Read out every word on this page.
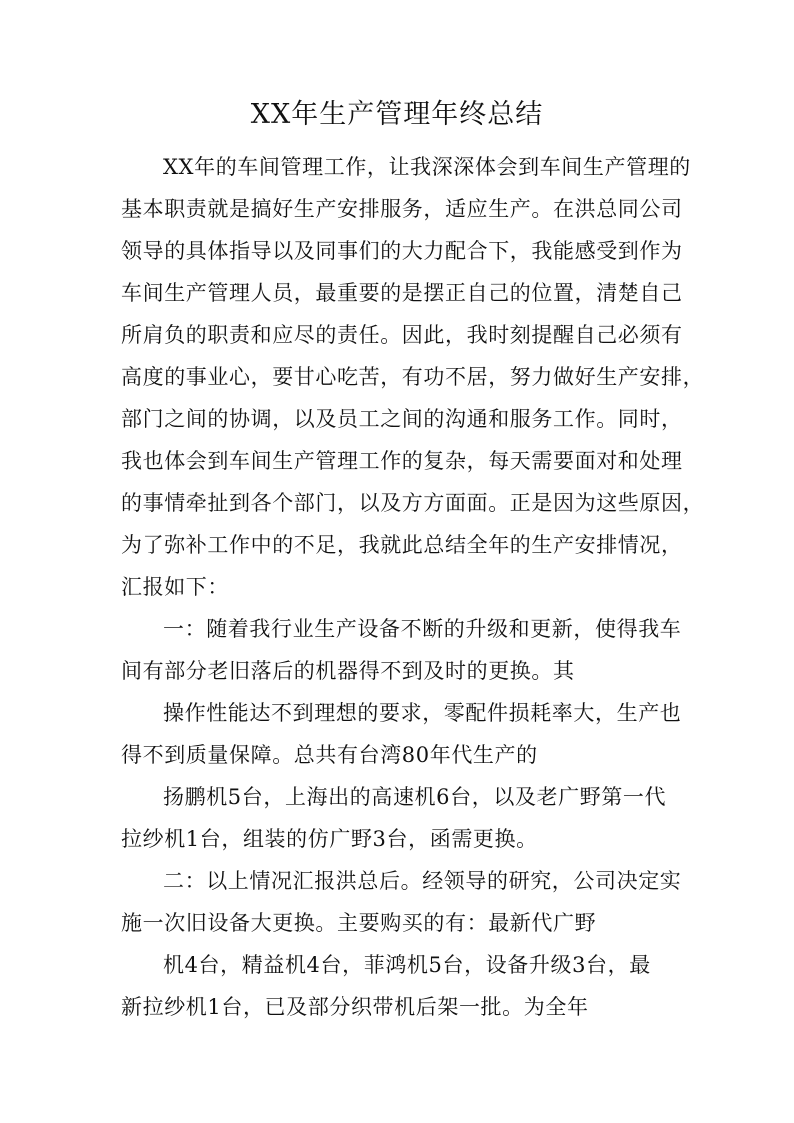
XX年生产管理年终总结
XX年的车间管理工作，让我深深体会到车间生产管理的
基本职责就是搞好生产安排服务，适应生产。在洪总同公司
领导的具体指导以及同事们的大力配合下，我能感受到作为
车间生产管理人员，最重要的是摆正自己的位置，清楚自己
所肩负的职责和应尽的责任。因此，我时刻提醒自己必须有
高度的事业心，要甘心吃苦，有功不居，努力做好生产安排，
部门之间的协调，以及员工之间的沟通和服务工作。同时，
我也体会到车间生产管理工作的复杂，每天需要面对和处理
的事情牵扯到各个部门，以及方方面面。正是因为这些原因，
为了弥补工作中的不足，我就此总结全年的生产安排情况，
汇报如下：
一：随着我行业生产设备不断的升级和更新，使得我车
间有部分老旧落后的机器得不到及时的更换。其
操作性能达不到理想的要求，零配件损耗率大，生产也
得不到质量保障。总共有台湾80年代生产的
扬鹏机5台，上海出的高速机6台，以及老广野第一代
拉纱机1台，组装的仿广野3台，函需更换。
二：以上情况汇报洪总后。经领导的研究，公司决定实
施一次旧设备大更换。主要购买的有：最新代广野
机4台，精益机4台，菲鸿机5台，设备升级3台，最
新拉纱机1台，已及部分织带机后架一批。为全年
